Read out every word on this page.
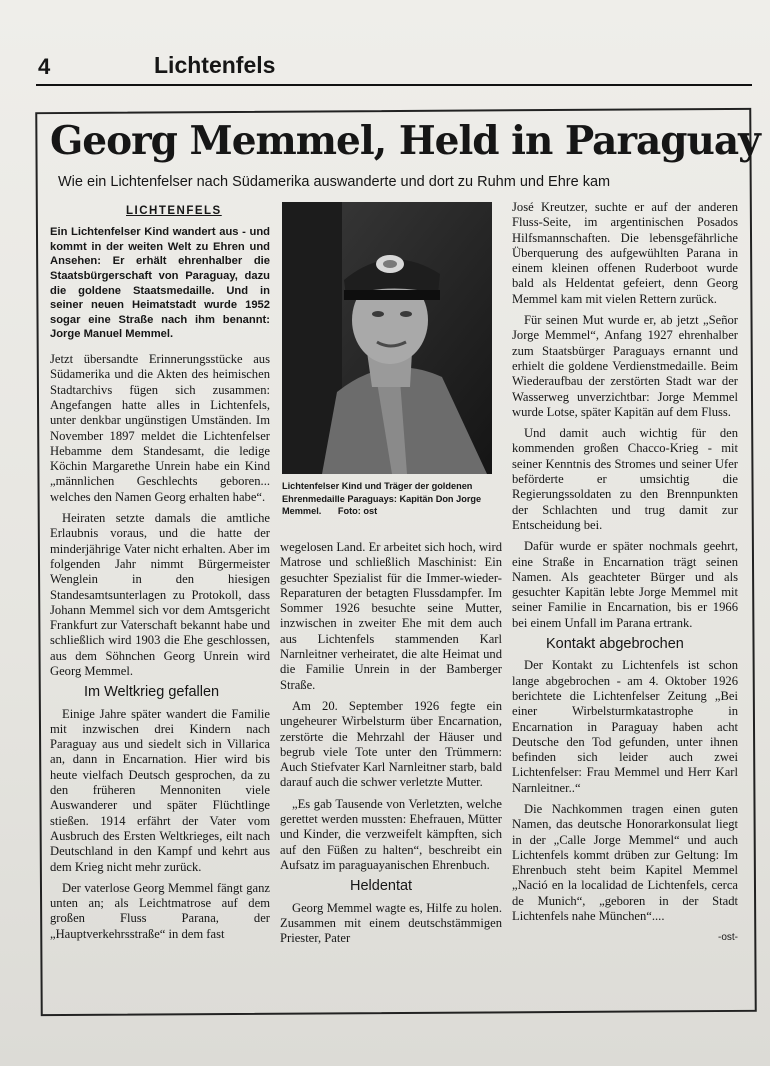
4	Lichtenfels
Georg Memmel, Held in Paraguay
Wie ein Lichtenfelser nach Südamerika auswanderte und dort zu Ruhm und Ehre kam

LICHTENFELS

Ein Lichtenfelser Kind wandert aus - und kommt in der weiten Welt zu Ehren und Ansehen: Er erhält ehrenhalber die Staatsbürgerschaft von Paraguay, dazu die goldene Staatsmedaille. Und in seiner neuen Heimatstadt wurde 1952 sogar eine Straße nach ihm benannt: Jorge Manuel Memmel.

Jetzt übersandte Erinnerungsstücke aus Südamerika und die Akten des heimischen Stadtarchivs fügen sich zusammen: Angefangen hatte alles in Lichtenfels, unter denkbar ungünstigen Umständen. Im November 1897 meldet die Lichtenfelser Hebamme dem Standesamt, die ledige Köchin Margarethe Unrein habe ein Kind „männlichen Geschlechts geboren... welches den Namen Georg erhalten habe“.

Heiraten setzte damals die amtliche Erlaubnis voraus, und die hatte der minderjährige Vater nicht erhalten. Aber im folgenden Jahr nimmt Bürgermeister Wenglein in den hiesigen Standesamtsunterlagen zu Protokoll, dass Johann Memmel sich vor dem Amtsgericht Frankfurt zur Vaterschaft bekannt habe und schließlich wird 1903 die Ehe geschlossen, aus dem Söhnchen Georg Unrein wird Georg Memmel.

Im Weltkrieg gefallen

Einige Jahre später wandert die Familie mit inzwischen drei Kindern nach Paraguay aus und siedelt sich in Villarica an, dann in Encarnation. Hier wird bis heute vielfach Deutsch gesprochen, da zu den früheren Mennoniten viele Auswanderer und später Flüchtlinge stießen. 1914 erfährt der Vater vom Ausbruch des Ersten Weltkrieges, eilt nach Deutschland in den Kampf und kehrt aus dem Krieg nicht mehr zurück.

Der vaterlose Georg Memmel fängt ganz unten an; als Leichtmatrose auf dem großen Fluss Parana, der „Hauptverkehrsstraße“ in dem fast

Lichtenfelser Kind und Träger der goldenen Ehrenmedaille Paraguays: Kapitän Don Jorge Memmel. Foto: ost

wegelosen Land. Er arbeitet sich hoch, wird Matrose und schließlich Maschinist: Ein gesuchter Spezialist für die Immer-wieder-Reparaturen der betagten Flussdampfer. Im Sommer 1926 besuchte seine Mutter, inzwischen in zweiter Ehe mit dem auch aus Lichtenfels stammenden Karl Narnleitner verheiratet, die alte Heimat und die Familie Unrein in der Bamberger Straße.

Am 20. September 1926 fegte ein ungeheurer Wirbelsturm über Encarnation, zerstörte die Mehrzahl der Häuser und begrub viele Tote unter den Trümmern: Auch Stiefvater Karl Narnleitner starb, bald darauf auch die schwer verletzte Mutter.

„Es gab Tausende von Verletzten, welche gerettet werden mussten: Ehefrauen, Mütter und Kinder, die verzweifelt kämpften, sich auf den Füßen zu halten“, beschreibt ein Aufsatz im paraguayanischen Ehrenbuch.

Heldentat

Georg Memmel wagte es, Hilfe zu holen. Zusammen mit einem deutschstämmigen Priester, Pater

José Kreutzer, suchte er auf der anderen Fluss-Seite, im argentinischen Posados Hilfsmannschaften. Die lebensgefährliche Überquerung des aufgewühlten Parana in einem kleinen offenen Ruderboot wurde bald als Heldentat gefeiert, denn Georg Memmel kam mit vielen Rettern zurück.

Für seinen Mut wurde er, ab jetzt „Señor Jorge Memmel“, Anfang 1927 ehrenhalber zum Staatsbürger Paraguays ernannt und erhielt die goldene Verdienstmedaille. Beim Wiederaufbau der zerstörten Stadt war der Wasserweg unverzichtbar: Jorge Memmel wurde Lotse, später Kapitän auf dem Fluss.

Und damit auch wichtig für den kommenden großen Chacco-Krieg - mit seiner Kenntnis des Stromes und seiner Ufer beförderte er umsichtig die Regierungssoldaten zu den Brennpunkten der Schlachten und trug damit zur Entscheidung bei.

Dafür wurde er später nochmals geehrt, eine Straße in Encarnation trägt seinen Namen. Als geachteter Bürger und als gesuchter Kapitän lebte Jorge Memmel mit seiner Familie in Encarnation, bis er 1966 bei einem Unfall im Parana ertrank.

Kontakt abgebrochen

Der Kontakt zu Lichtenfels ist schon lange abgebrochen - am 4. Oktober 1926 berichtete die Lichtenfelser Zeitung „Bei einer Wirbelsturmkatastrophe in Encarnation in Paraguay haben acht Deutsche den Tod gefunden, unter ihnen befinden sich leider auch zwei Lichtenfelser: Frau Memmel und Herr Karl Narnleitner..“

Die Nachkommen tragen einen guten Namen, das deutsche Honorarkonsulat liegt in der „Calle Jorge Memmel“ und auch Lichtenfels kommt drüben zur Geltung: Im Ehrenbuch steht beim Kapitel Memmel „Nació en la localidad de Lichtenfels, cerca de Munich“, „geboren in der Stadt Lichtenfels nahe München“....

-ost-
